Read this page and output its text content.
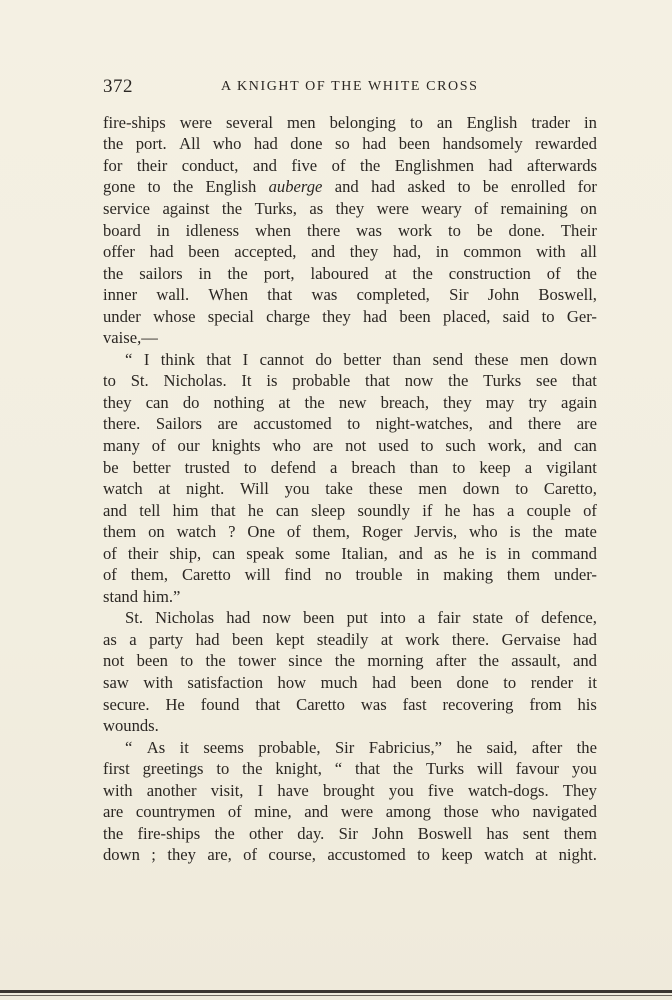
372	A KNIGHT OF THE WHITE CROSS
fire-ships were several men belonging to an English trader in
the port. All who had done so had been handsomely rewarded
for their conduct, and five of the Englishmen had afterwards
gone to the English auberge and had asked to be enrolled for
service against the Turks, as they were weary of remaining on
board in idleness when there was work to be done. Their
offer had been accepted, and they had, in common with all
the sailors in the port, laboured at the construction of the
inner wall. When that was completed, Sir John Boswell,
under whose special charge they had been placed, said to Ger-
vaise,—
“ I think that I cannot do better than send these men down
to St. Nicholas. It is probable that now the Turks see that
they can do nothing at the new breach, they may try again
there. Sailors are accustomed to night-watches, and there are
many of our knights who are not used to such work, and can
be better trusted to defend a breach than to keep a vigilant
watch at night. Will you take these men down to Caretto,
and tell him that he can sleep soundly if he has a couple of
them on watch ? One of them, Roger Jervis, who is the mate
of their ship, can speak some Italian, and as he is in command
of them, Caretto will find no trouble in making them under-
stand him.”
St. Nicholas had now been put into a fair state of defence,
as a party had been kept steadily at work there. Gervaise had
not been to the tower since the morning after the assault, and
saw with satisfaction how much had been done to render it
secure. He found that Caretto was fast recovering from his
wounds.
“ As it seems probable, Sir Fabricius,” he said, after the
first greetings to the knight, “ that the Turks will favour you
with another visit, I have brought you five watch-dogs. They
are countrymen of mine, and were among those who navigated
the fire-ships the other day. Sir John Boswell has sent them
down ; they are, of course, accustomed to keep watch at night.
